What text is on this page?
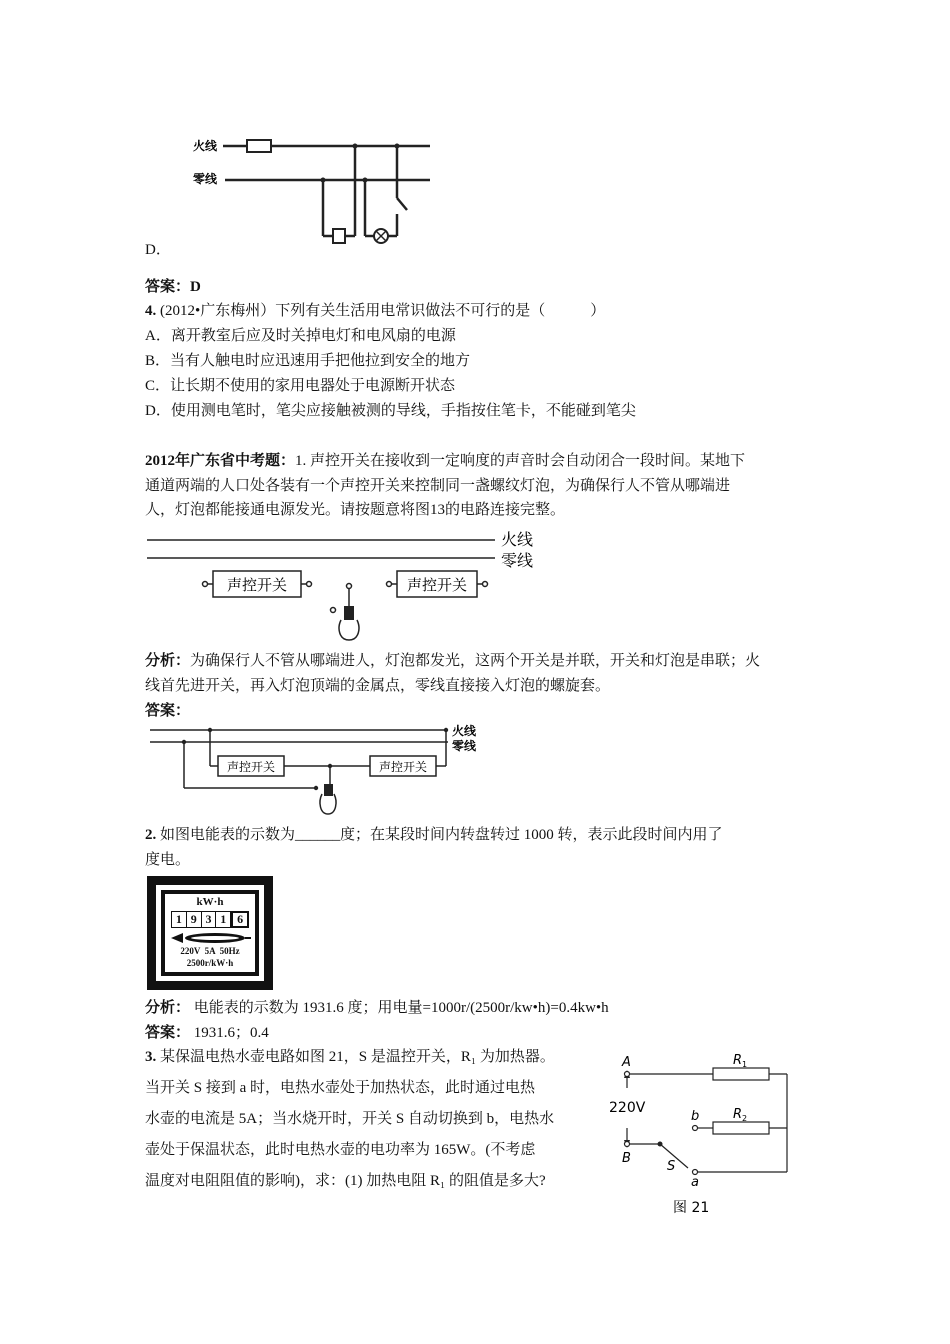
火线
零线
D．
答案：D
4. (2012•广东梅州）下列有关生活用电常识做法不可行的是（　　　）
A．离开教室后应及时关掉电灯和电风扇的电源
B．当有人触电时应迅速用手把他拉到安全的地方
C．让长期不使用的家用电器处于电源断开状态
D．使用测电笔时，笔尖应接触被测的导线，手指按住笔卡，不能碰到笔尖
2012年广东省中考题：1. 声控开关在接收到一定响度的声音时会自动闭合一段时间。某地下
通道两端的人口处各装有一个声控开关来控制同一盏螺纹灯泡，为确保行人不管从哪端进
人，灯泡都能接通电源发光。请按题意将图13的电路连接完整。
火线
零线
声控开关	声控开关
分析：为确保行人不管从哪端进人，灯泡都发光，这两个开关是并联，开关和灯泡是串联；火
线首先进开关，再入灯泡顶端的金属点，零线直接接入灯泡的螺旋套。
答案：
火线
零线
声控开关	声控开关
2. 如图电能表的示数为______度；在某段时间内转盘转过 1000 转，表示此段时间内用了
度电。
kW·h
1 9 3 1 6
220V  5A  50Hz
2500r/kW·h
分析： 电能表的示数为 1931.6 度；用电量=1000r/(2500r/kw•h)=0.4kw•h
答案： 1931.6；0.4
3. 某保温电热水壶电路如图 21，S 是温控开关，R₁ 为加热器。
当开关 S 接到 a 时，电热水壶处于加热状态，此时通过电热
水壶的电流是 5A；当水烧开时，开关 S 自动切换到 b，电热水
壶处于保温状态，此时电热水壶的电功率为 165W。(不考虑
温度对电阻阻值的影响)，求：(1) 加热电阻 R₁ 的阻值是多大?
A
B
220V
$R_1$
$R_2$
b
S
a
图 21
